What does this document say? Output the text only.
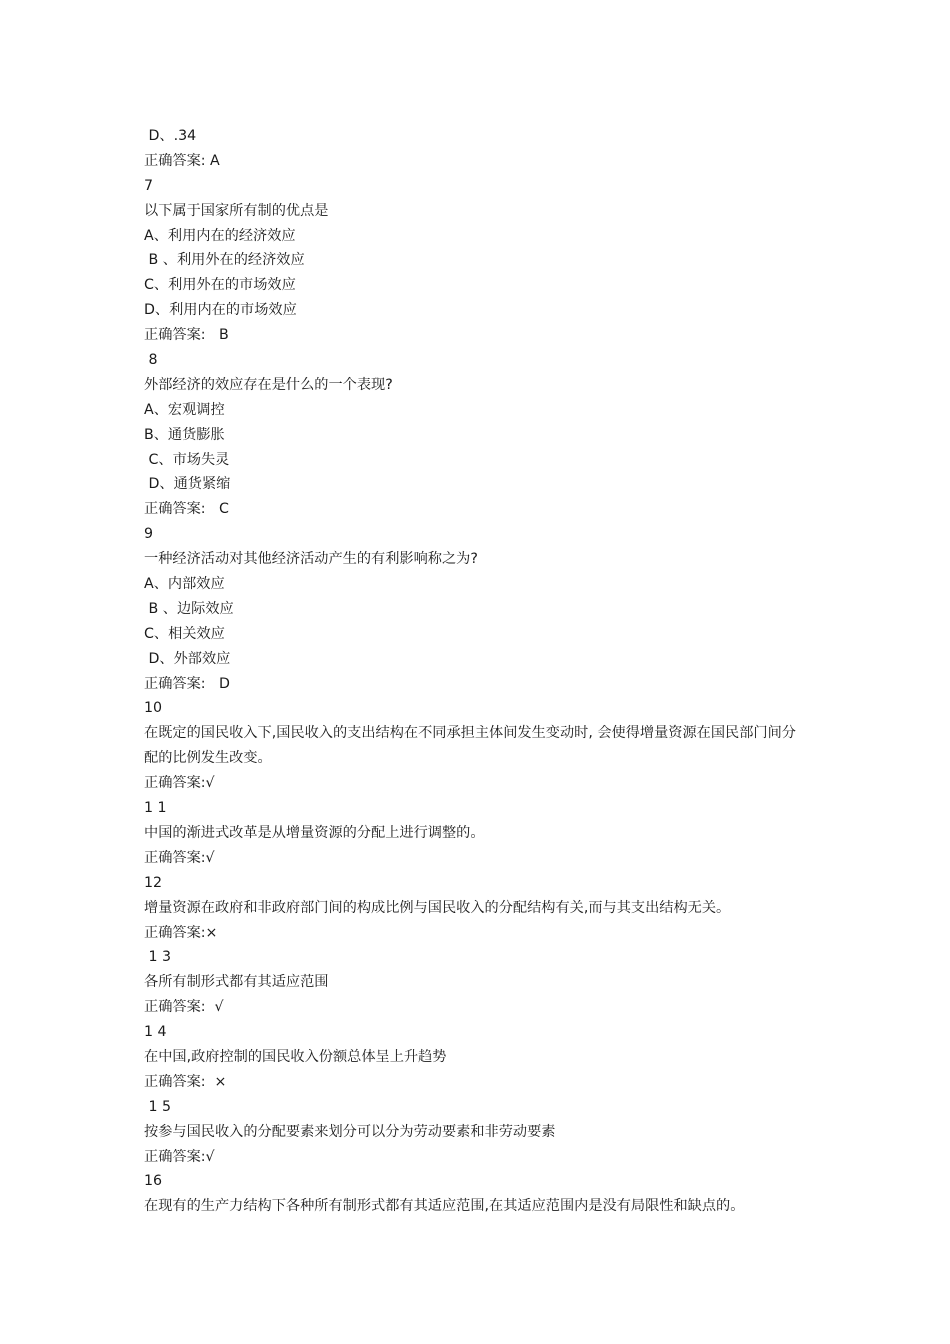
D、.34
正确答案: A
7
以下属于国家所有制的优点是
A、利用内在的经济效应
B 、利用外在的经济效应
C、利用外在的市场效应
D、利用内在的市场效应
正确答案:   B
8
外部经济的效应存在是什么的一个表现?
A、宏观调控
B、通货膨胀
C、市场失灵
D、通货紧缩
正确答案:   C
9
一种经济活动对其他经济活动产生的有利影响称之为?
A、内部效应
B 、边际效应
C、相关效应
D、外部效应
正确答案:   D
10
在既定的国民收入下,国民收入的支出结构在不同承担主体间发生变动时, 会使得增量资源在国民部门间分配的比例发生改变。
正确答案:√
1 1
中国的渐进式改革是从增量资源的分配上进行调整的。
正确答案:√
12
增量资源在政府和非政府部门间的构成比例与国民收入的分配结构有关,而与其支出结构无关。
正确答案:×
1 3
各所有制形式都有其适应范围
正确答案:  √
1 4
在中国,政府控制的国民收入份额总体呈上升趋势
正确答案:  ×
1 5
按参与国民收入的分配要素来划分可以分为劳动要素和非劳动要素
正确答案:√
16
在现有的生产力结构下各种所有制形式都有其适应范围,在其适应范围内是没有局限性和缺点的。
